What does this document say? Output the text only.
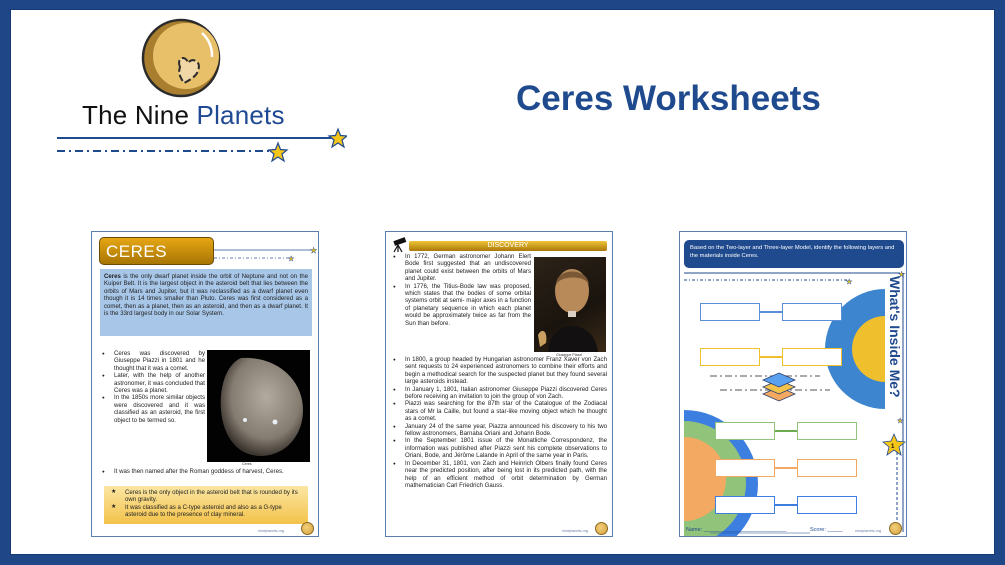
The Nine Planets	Ceres Worksheets
CERES	★
★
Ceres is the only dwarf planet inside the orbit of Neptune and not on the Kuiper Belt. It is the largest object in the asteroid belt that lies between the orbits of Mars and Jupiter, but it was reclassified as a dwarf planet even though it is 14 times smaller than Pluto. Ceres was first considered as a comet, then as a planet, then as an asteroid, and then as a dwarf planet. It is the 33rd largest body in our Solar System.
● Ceres was discovered by Giuseppe Piazzi in 1801 and he thought that it was a comet.
● Later, with the help of another astronomer, it was concluded that Ceres was a planet.
● In the 1850s more similar objects were discovered and it was classified as an asteroid, the first object to be termed so.
Ceres
● It was then named after the Roman goddess of harvest, Ceres.
★ Ceres is the only object in the asteroid belt that is rounded by its own gravity.
★ It was classified as a C-type asteroid and also as a G-type asteroid due to the presence of clay mineral.
nineplanets.org
DISCOVERY
● In 1772, German astronomer Johann Elert Bode first suggested that an undiscovered planet could exist between the orbits of Mars and Jupiter.
● In 1776, the Titius-Bode law was proposed, which states that the bodies of some orbital systems orbit at semi- major axes in a function of planetary sequence in which each planet would be approximately twice as far from the Sun than before.
Giuseppe Piazzi
● In 1800, a group headed by Hungarian astronomer Franz Xaver von Zach sent requests to 24 experienced astronomers to combine their efforts and begin a methodical search for the suspected planet but they found several large asteroids instead.
● In January 1, 1801, Italian astronomer Giuseppe Piazzi discovered Ceres before receiving an invitation to join the group of von Zach.
● Piazzi was searching for the 87th star of the Catalogue of the Zodiacal stars of Mr la Caille, but found a star-like moving object which he thought as a comet.
● January 24 of the same year, Piazza announced his discovery to his two fellow astronomers, Barnaba Oriani and Johann Bode.
● In the September 1801 issue of the Monatliche Correspondenz, the information was published after Piazzi sent his complete observations to Oriani, Bode, and Jérôme Lalande in April of the same year in Paris.
● In December 31, 1801, von Zach and Heinrich Olbers finally found Ceres near the predicted position, after being lost in its predicted path, with the help of an efficient method of orbit determination by German mathematician Carl Friedrich Gauss.
nineplanets.org
Based on the Two-layer and Three-layer Model, identify the following layers and the materials inside Ceres.
★
★
1
★
What's Inside Me?
Name: ___________________________	Score: _____	nineplanets.org
